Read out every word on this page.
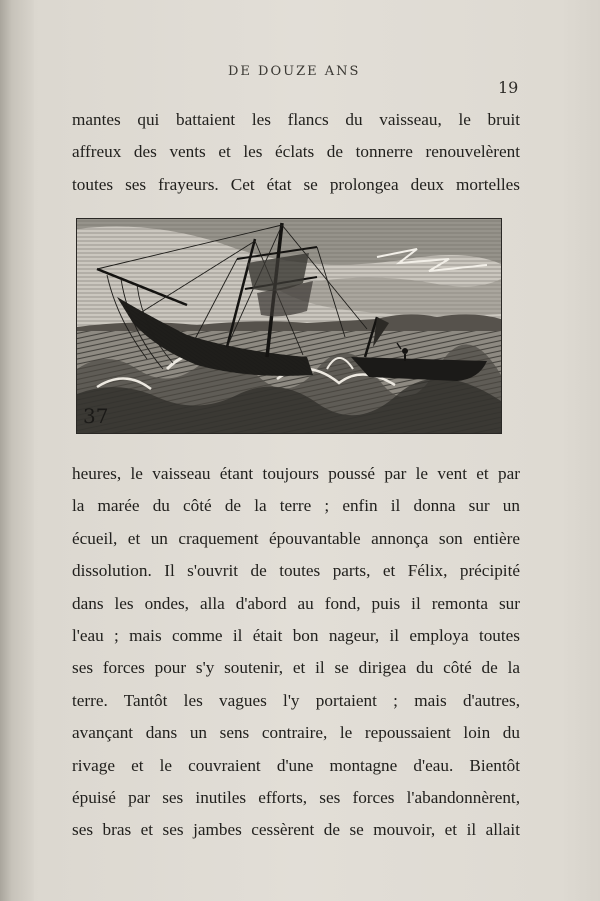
DE DOUZE ANS
19
mantes qui battaient les flancs du vaisseau, le bruit
affreux des vents et les éclats de tonnerre renouvelèrent
toutes ses frayeurs. Cet état se prolongea deux mortelles
37
heures, le vaisseau étant toujours poussé par le vent et par
la marée du côté de la terre ; enfin il donna sur un
écueil, et un craquement épouvantable annonça son entière
dissolution. Il s'ouvrit de toutes parts, et Félix, précipité
dans les ondes, alla d'abord au fond, puis il remonta sur
l'eau ; mais comme il était bon nageur, il employa toutes
ses forces pour s'y soutenir, et il se dirigea du côté de la
terre. Tantôt les vagues l'y portaient ; mais d'autres,
avançant dans un sens contraire, le repoussaient loin du
rivage et le couvraient d'une montagne d'eau. Bientôt
épuisé par ses inutiles efforts, ses forces l'abandonnèrent,
ses bras et ses jambes cessèrent de se mouvoir, et il allait
